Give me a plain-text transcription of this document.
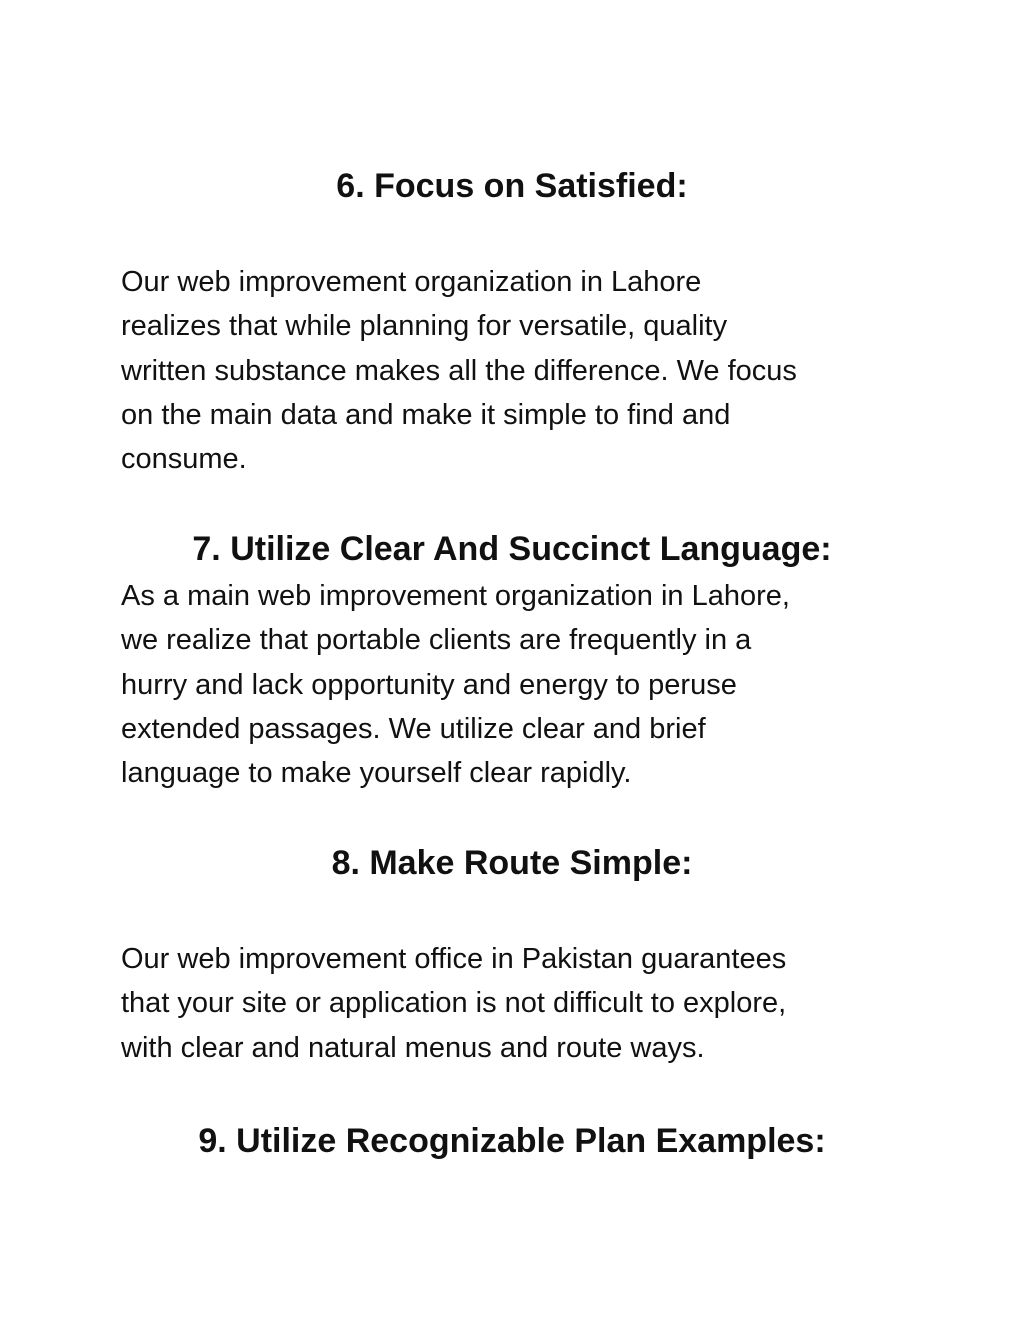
6. Focus on Satisfied:

Our web improvement organization in Lahore
realizes that while planning for versatile, quality
written substance makes all the difference. We focus
on the main data and make it simple to find and
consume.

7. Utilize Clear And Succinct Language:

As a main web improvement organization in Lahore,
we realize that portable clients are frequently in a
hurry and lack opportunity and energy to peruse
extended passages. We utilize clear and brief
language to make yourself clear rapidly.

8. Make Route Simple:

Our web improvement office in Pakistan guarantees
that your site or application is not difficult to explore,
with clear and natural menus and route ways.

9. Utilize Recognizable Plan Examples:
